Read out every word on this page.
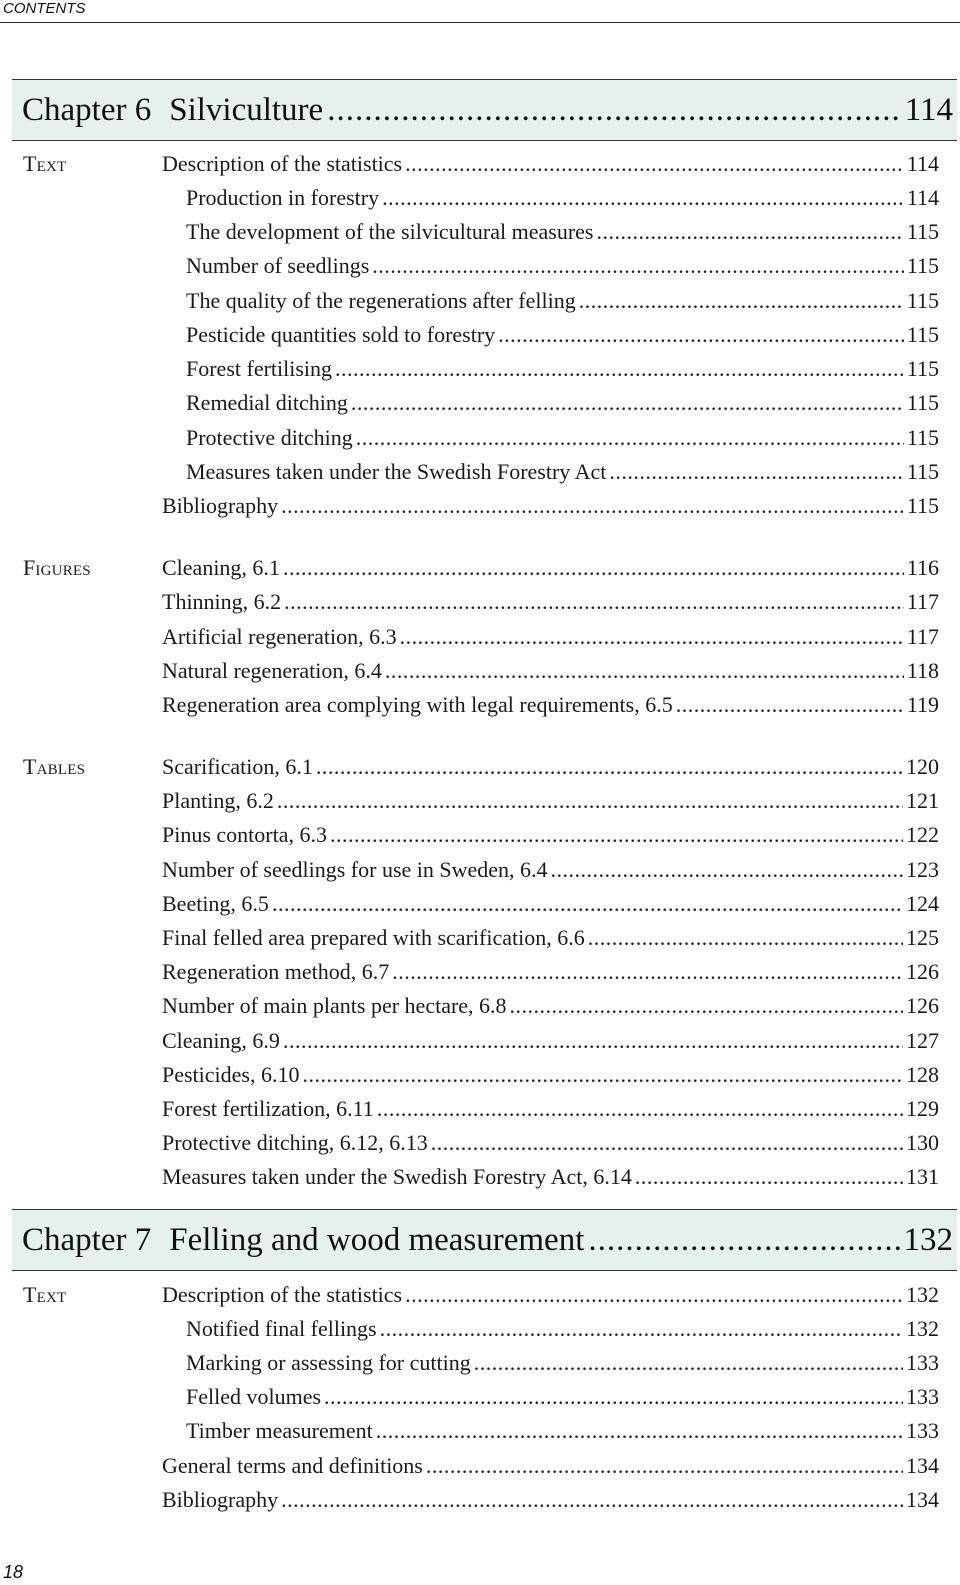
CONTENTS
Chapter 6 Silviculture .....	114
Text	Description of the statistics .....	114
Production in forestry .....	114
The development of the silvicultural measures .....	115
Number of seedlings .....	115
The quality of the regenerations after felling .....	115
Pesticide quantities sold to forestry .....	115
Forest fertilising .....	115
Remedial ditching .....	115
Protective ditching .....	115
Measures taken under the Swedish Forestry Act .....	115
Bibliography .....	115
Figures	Cleaning, 6.1 .....	116
Thinning, 6.2 .....	117
Artificial regeneration, 6.3 .....	117
Natural regeneration, 6.4 .....	118
Regeneration area complying with legal requirements, 6.5 .....	119
Tables	Scarification, 6.1 .....	120
Planting, 6.2 .....	121
Pinus contorta, 6.3 .....	122
Number of seedlings for use in Sweden, 6.4 .....	123
Beeting, 6.5 .....	124
Final felled area prepared with scarification, 6.6 .....	125
Regeneration method, 6.7 .....	126
Number of main plants per hectare, 6.8 .....	126
Cleaning, 6.9 .....	127
Pesticides, 6.10 .....	128
Forest fertilization, 6.11 .....	129
Protective ditching, 6.12, 6.13 .....	130
Measures taken under the Swedish Forestry Act, 6.14 .....	131
Chapter 7 Felling and wood measurement .....	132
Text	Description of the statistics .....	132
Notified final fellings .....	132
Marking or assessing for cutting .....	133
Felled volumes .....	133
Timber measurement .....	133
General terms and definitions .....	134
Bibliography .....	134
18
